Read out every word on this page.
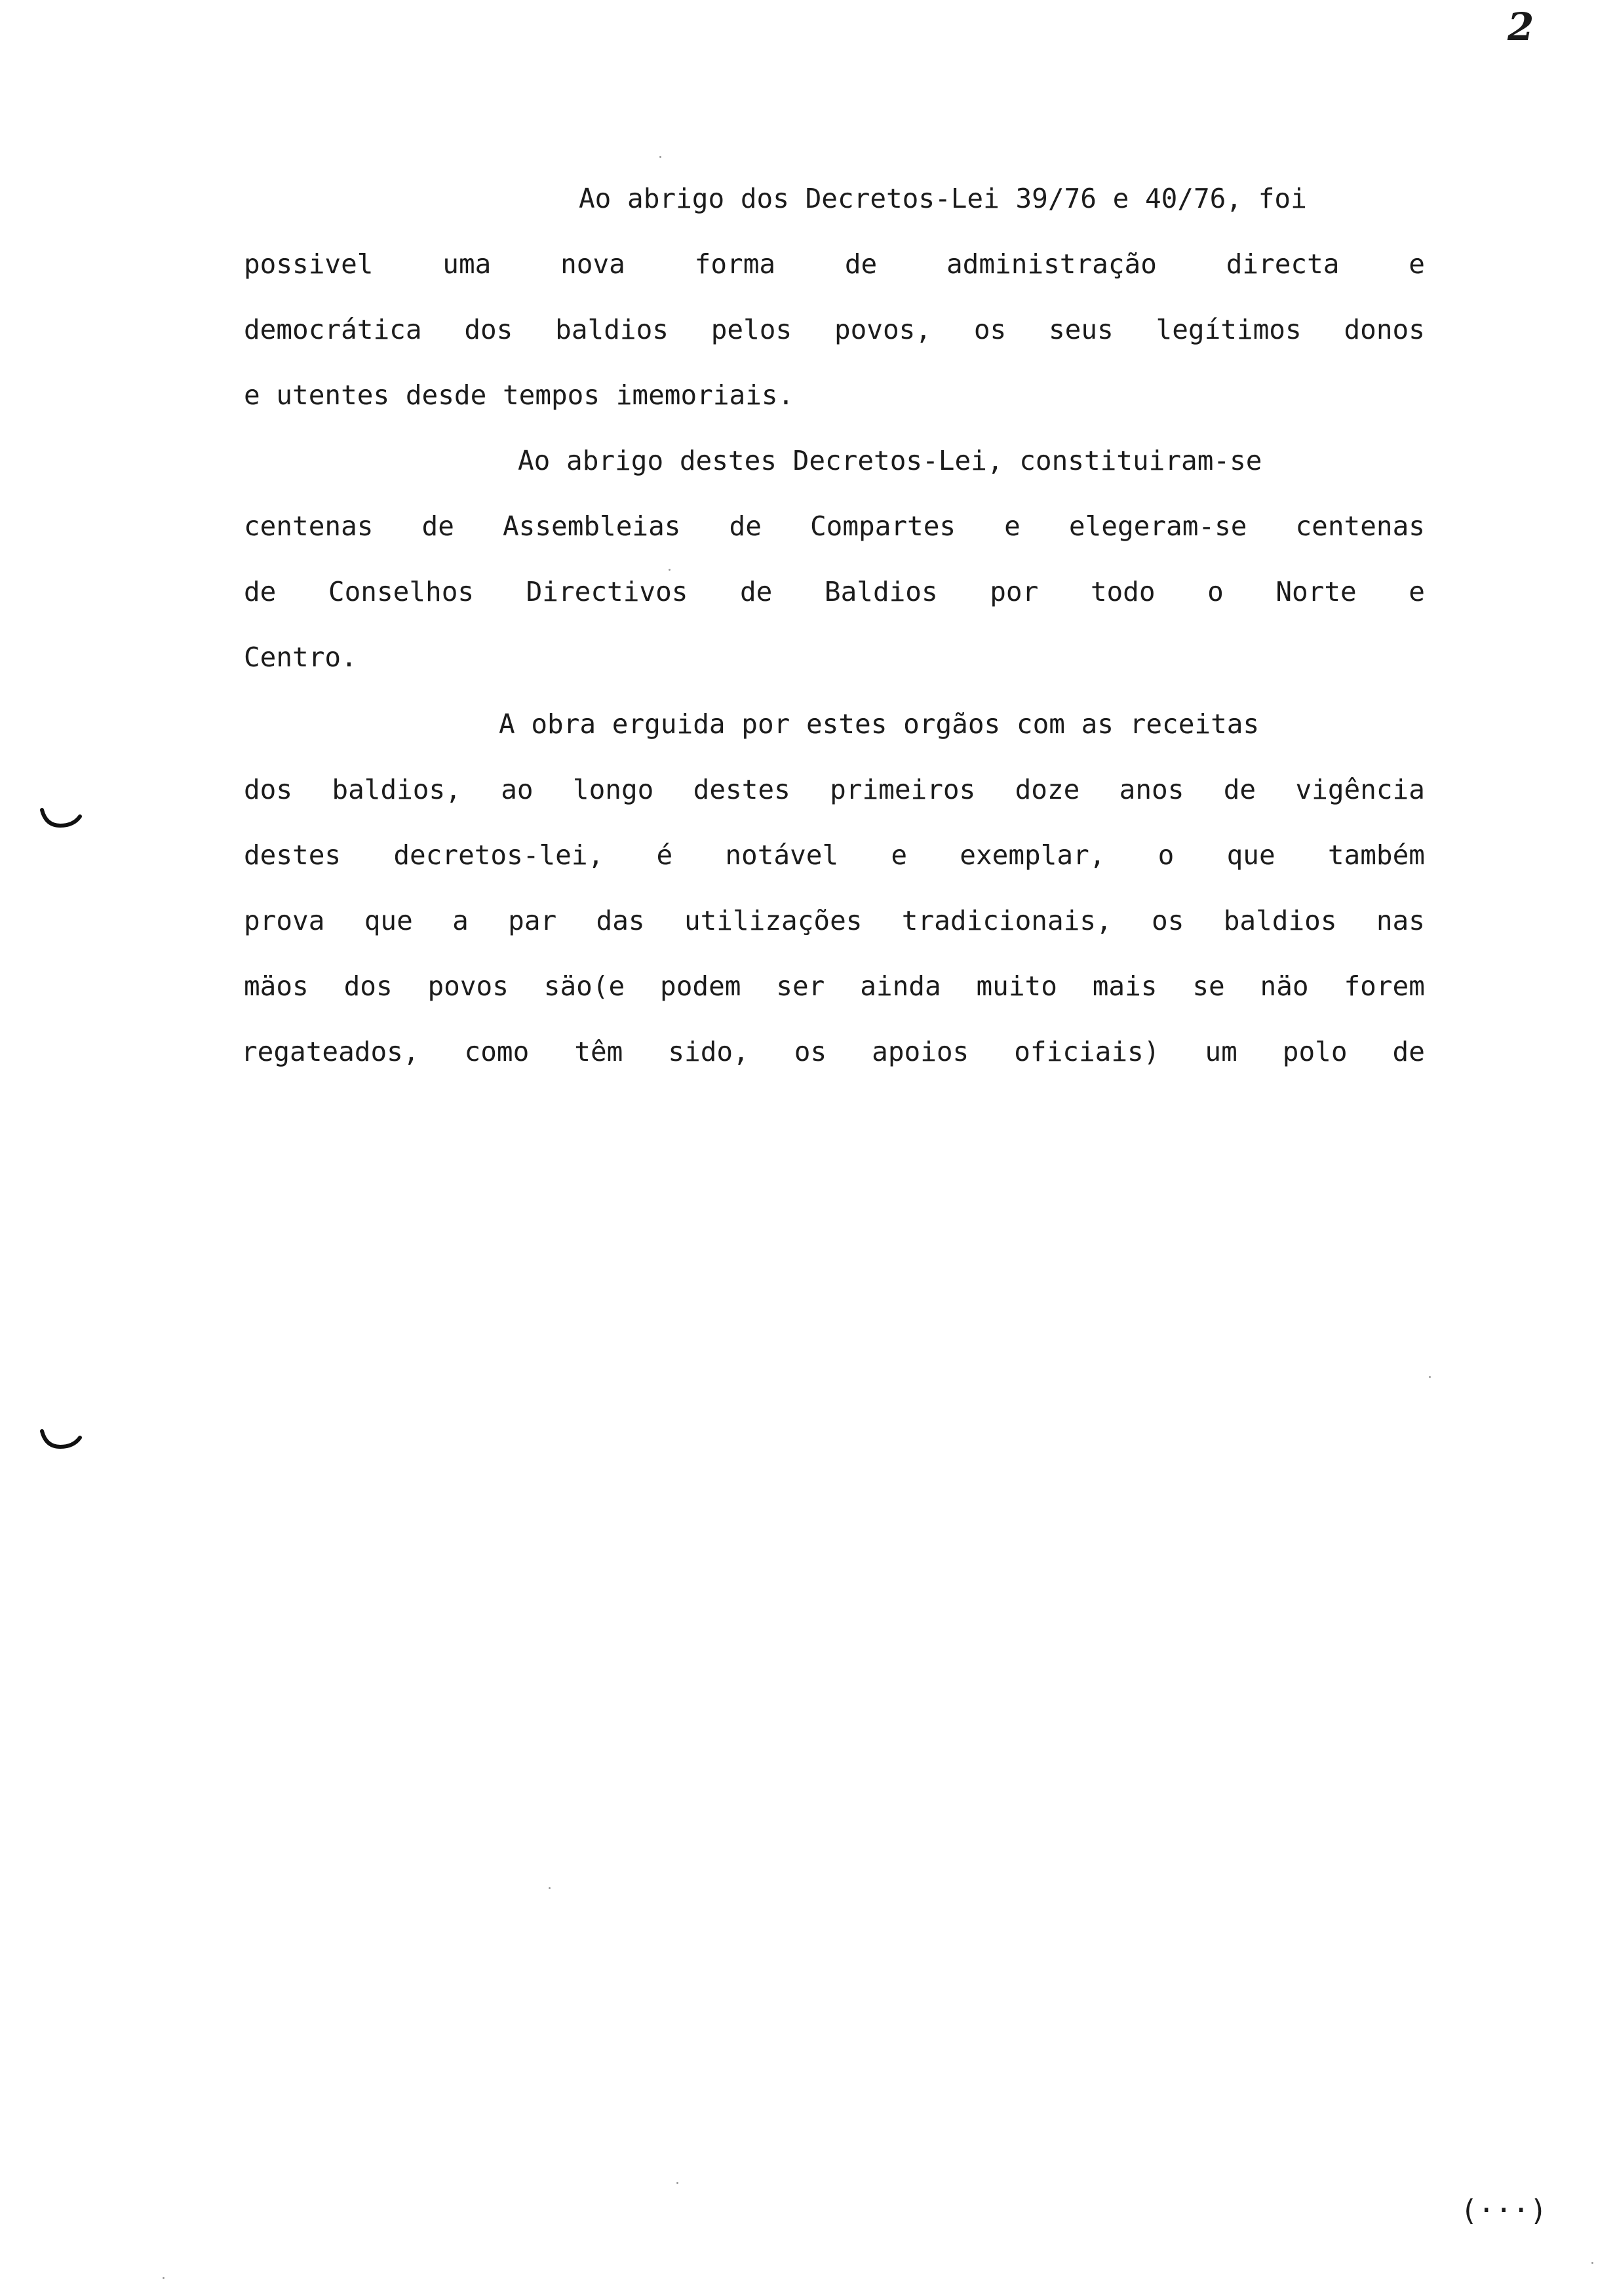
2
Ao abrigo dos Decretos-Lei 39/76 e 40/76, foi
possivel	uma	nova	forma	de	administração	directa	e
democrática dos baldios pelos povos, os seus legítimos donos
e utentes desde tempos imemoriais.
Ao abrigo destes Decretos-Lei, constituiram-se
centenas de Assembleias de Compartes e elegeram-se centenas
de Conselhos Directivos de Baldios por todo o Norte e
Centro.
A obra erguida por estes orgãos com as receitas
dos baldios, ao longo destes primeiros doze anos de vigência
destes decretos-lei, é notável e exemplar, o que também
prova que a par das utilizações tradicionais, os baldios nas
mäos dos povos säo(e podem ser ainda muito mais se näo forem
regateados, como têm sido, os apoios oficiais) um polo de
(···)
